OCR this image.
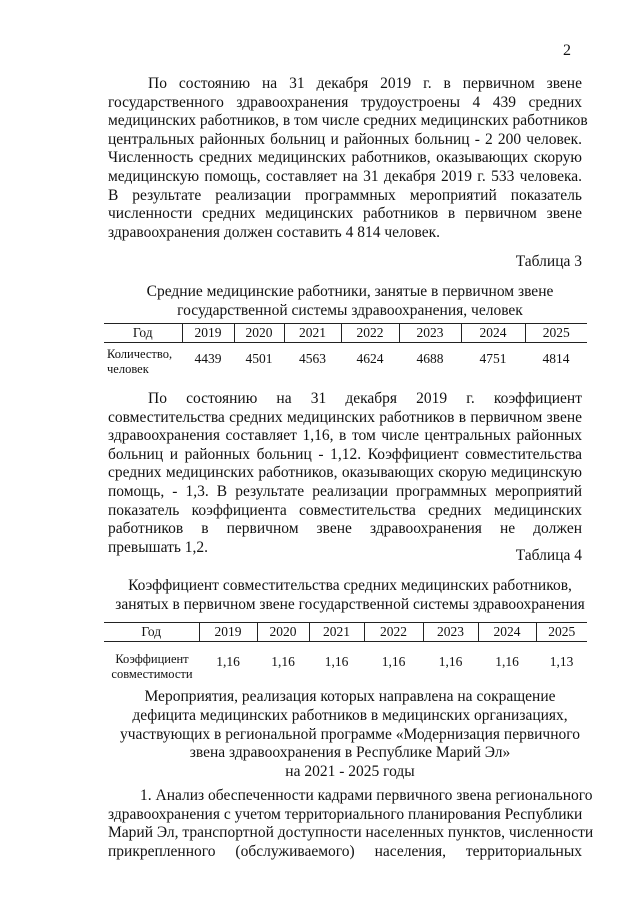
2
По состоянию на 31 декабря 2019 г. в первичном звене
государственного здравоохранения трудоустроены 4 439 средних
медицинских работников, в том числе средних медицинских работников
центральных районных больниц и районных больниц - 2 200 человек.
Численность средних медицинских работников, оказывающих скорую
медицинскую помощь, составляет на 31 декабря 2019 г. 533 человека.
В результате реализации программных мероприятий показатель
численности средних медицинских работников в первичном звене
здравоохранения должен составить 4 814 человек.
Таблица 3
Средние медицинские работники, занятые в первичном звене
государственной системы здравоохранения, человек
Год	2019	2020	2021	2022	2023	2024	2025
Количество,
человек	4439	4501	4563	4624	4688	4751	4814
По состоянию на 31 декабря 2019 г. коэффициент
совместительства средних медицинских работников в первичном звене
здравоохранения составляет 1,16, в том числе центральных районных
больниц и районных больниц - 1,12. Коэффициент совместительства
средних медицинских работников, оказывающих скорую медицинскую
помощь, - 1,3. В результате реализации программных мероприятий
показатель коэффициента совместительства средних медицинских
работников в первичном звене здравоохранения не должен
превышать 1,2.	Таблица 4
Коэффициент совместительства средних медицинских работников,
занятых в первичном звене государственной системы здравоохранения
Год	2019	2020	2021	2022	2023	2024	2025
Коэффициент
совместимости	1,16	1,16	1,16	1,16	1,16	1,16	1,13
Мероприятия, реализация которых направлена на сокращение
дефицита медицинских работников в медицинских организациях,
участвующих в региональной программе «Модернизация первичного
звена здравоохранения в Республике Марий Эл»
на 2021 - 2025 годы
1. Анализ обеспеченности кадрами первичного звена регионального
здравоохранения с учетом территориального планирования Республики
Марий Эл, транспортной доступности населенных пунктов, численности
прикрепленного (обслуживаемого) населения, территориальных
